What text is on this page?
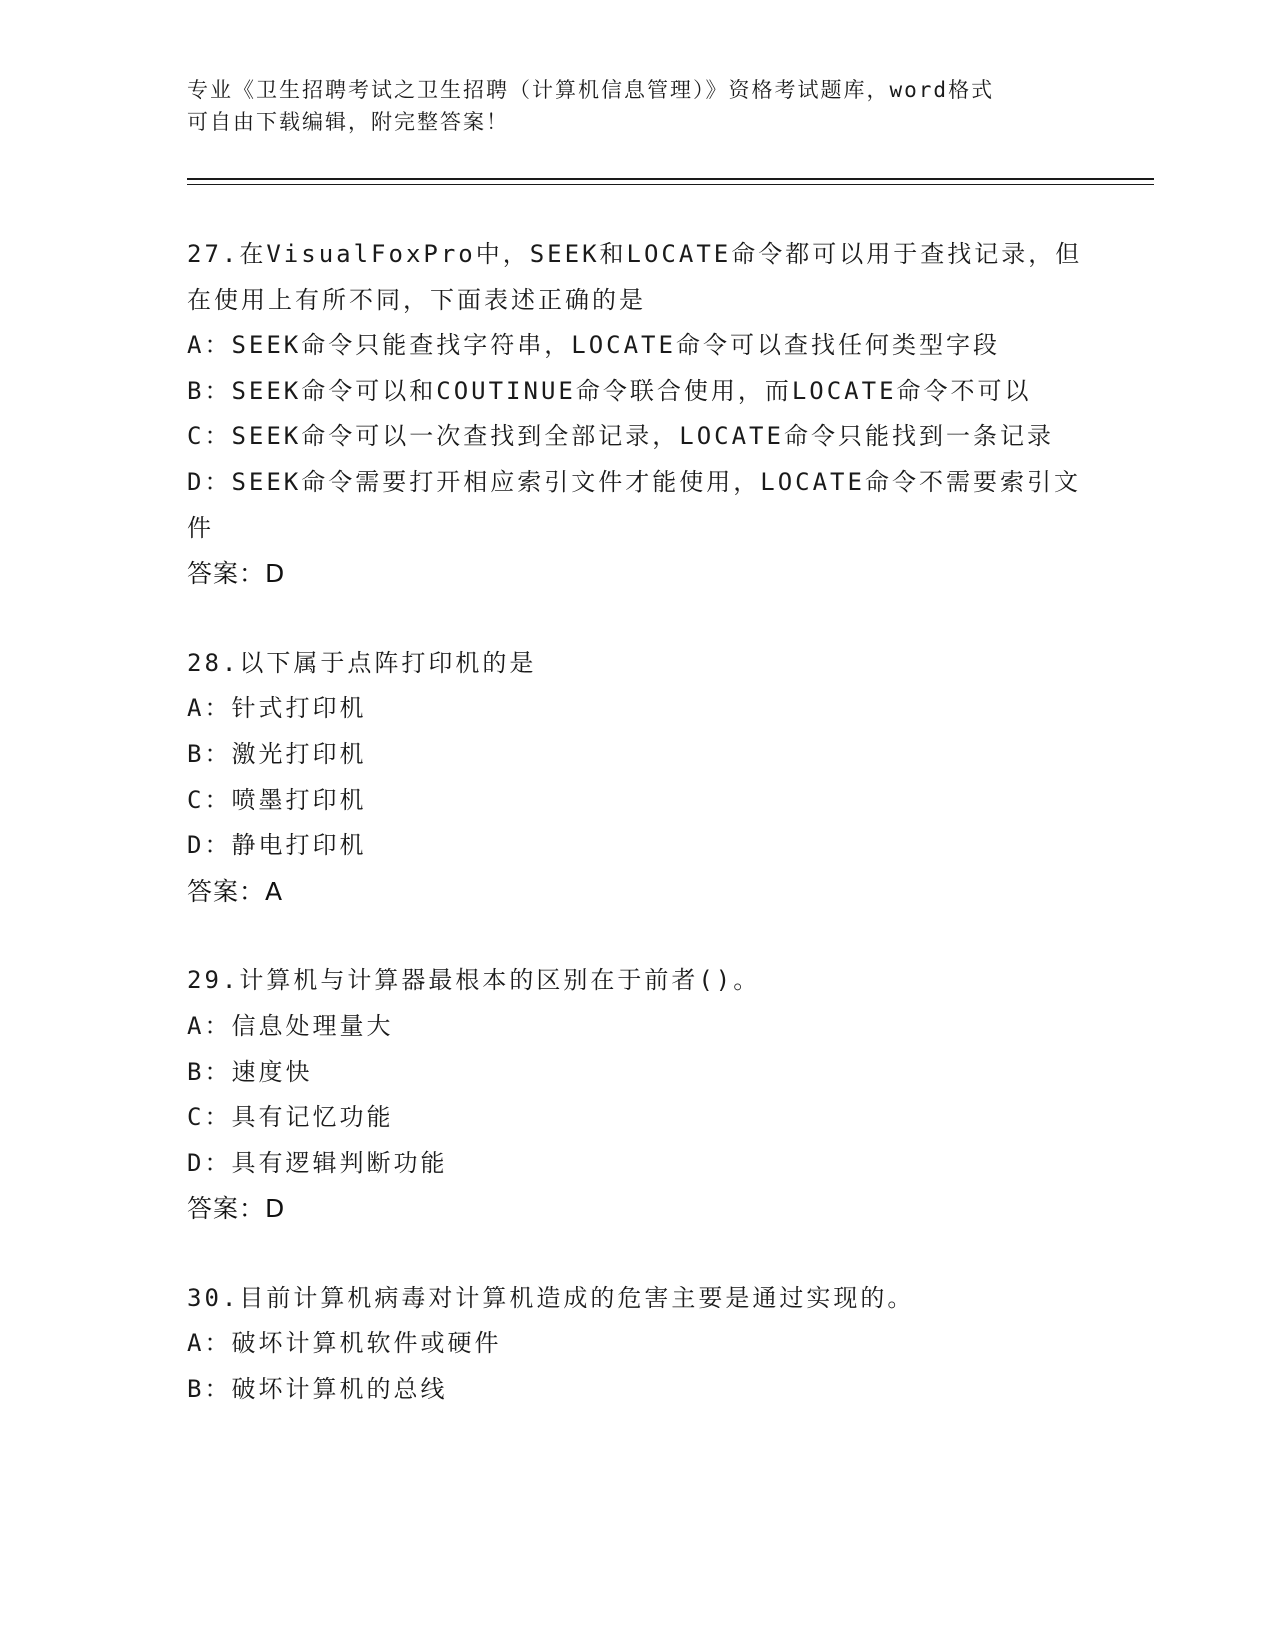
专业《卫生招聘考试之卫生招聘（计算机信息管理）》资格考试题库，word格式
可自由下载编辑，附完整答案！
27.在VisualFoxPro中，SEEK和LOCATE命令都可以用于查找记录，但在使用上有所不同，下面表述正确的是
A：SEEK命令只能查找字符串，LOCATE命令可以查找任何类型字段
B：SEEK命令可以和COUTINUE命令联合使用，而LOCATE命令不可以
C：SEEK命令可以一次查找到全部记录，LOCATE命令只能找到一条记录
D：SEEK命令需要打开相应索引文件才能使用，LOCATE命令不需要索引文件
答案：D
28.以下属于点阵打印机的是
A：针式打印机
B：激光打印机
C：喷墨打印机
D：静电打印机
答案：A
29.计算机与计算器最根本的区别在于前者()。
A：信息处理量大
B：速度快
C：具有记忆功能
D：具有逻辑判断功能
答案：D
30.目前计算机病毒对计算机造成的危害主要是通过实现的。
A：破坏计算机软件或硬件
B：破坏计算机的总线
